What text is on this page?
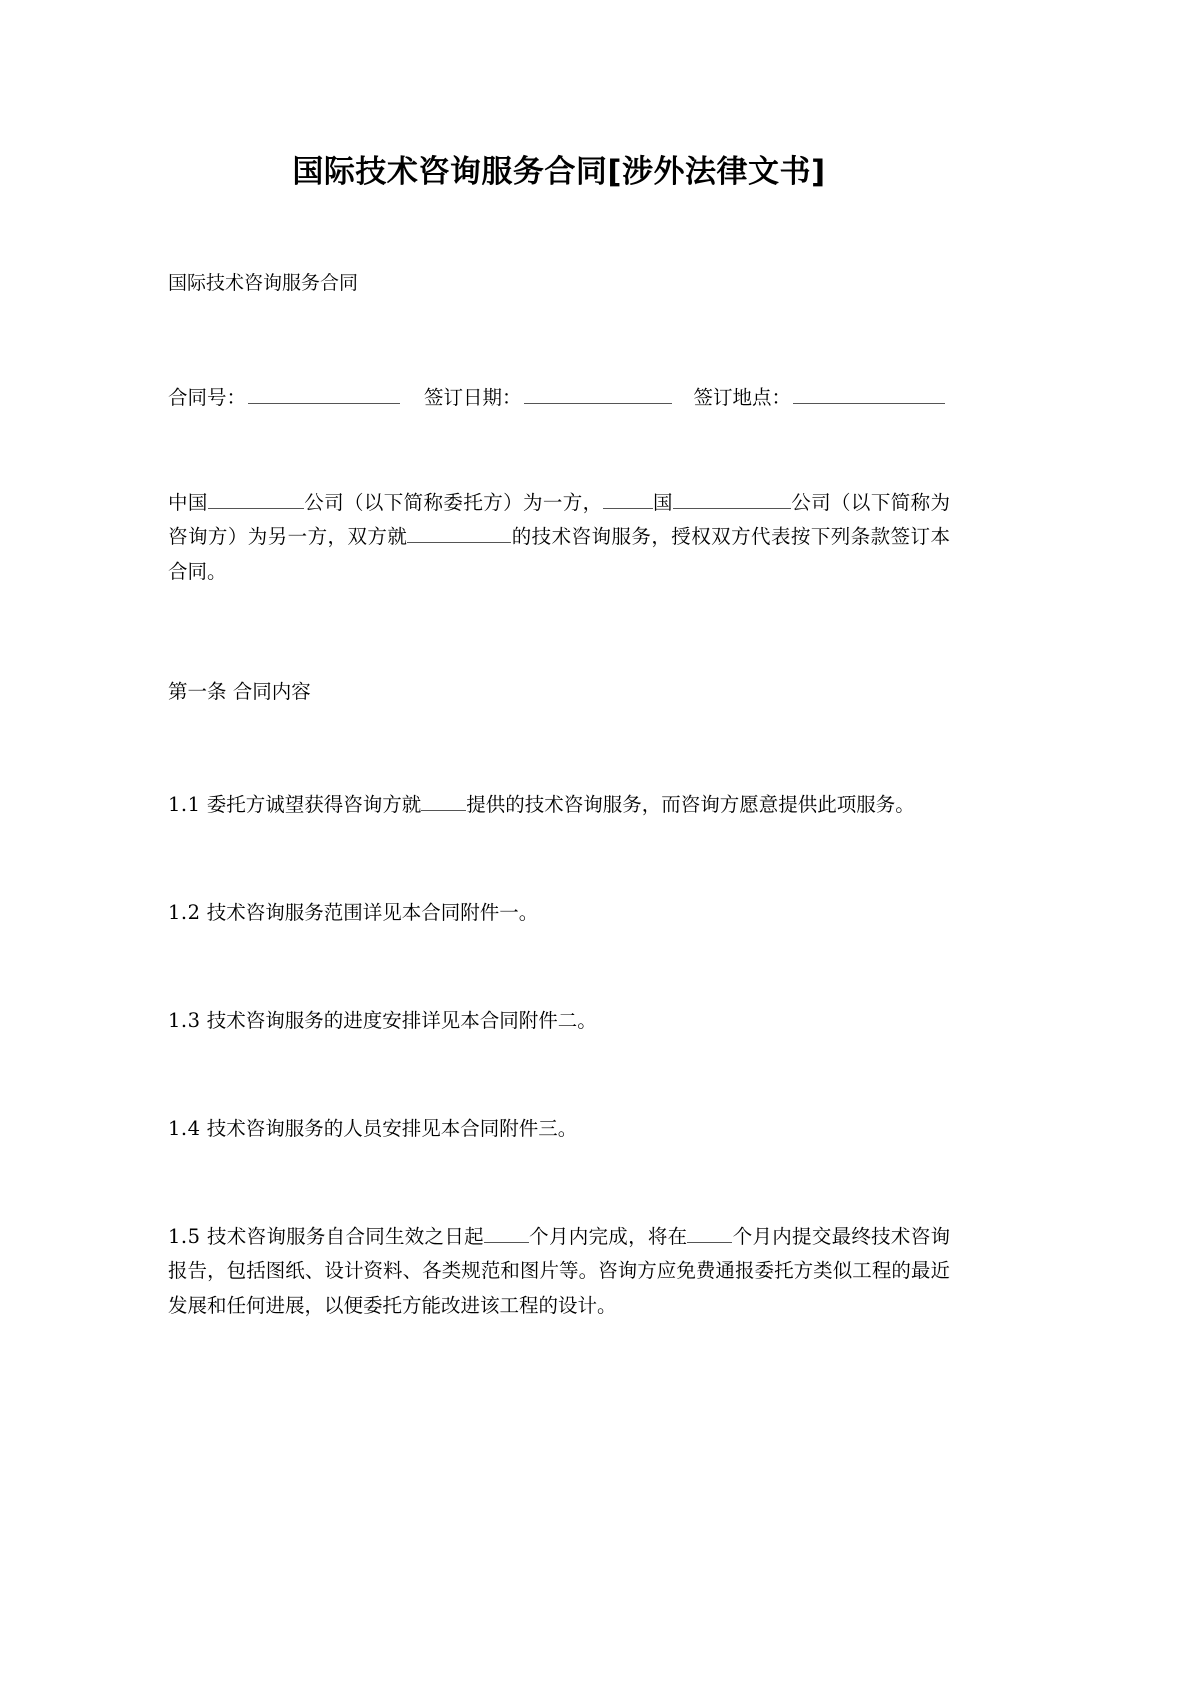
国际技术咨询服务合同[涉外法律文书]

国际技术咨询服务合同

合同号：	签订日期：	签订地点：

中国	公司（以下简称委托方）为一方，	国	公司（以下简称为咨询方）为另一方，双方就	的技术咨询服务，授权双方代表按下列条款签订本合同。

第一条 合同内容

1.1 委托方诚望获得咨询方就 提供的技术咨询服务，而咨询方愿意提供此项服务。

1.2 技术咨询服务范围详见本合同附件一。

1.3 技术咨询服务的进度安排详见本合同附件二。

1.4 技术咨询服务的人员安排见本合同附件三。

1.5 技术咨询服务自合同生效之日起 个月内完成，将在 个月内提交最终技术咨询报告，包括图纸、设计资料、各类规范和图片等。咨询方应免费通报委托方类似工程的最近发展和任何进展，以便委托方能改进该工程的设计。
